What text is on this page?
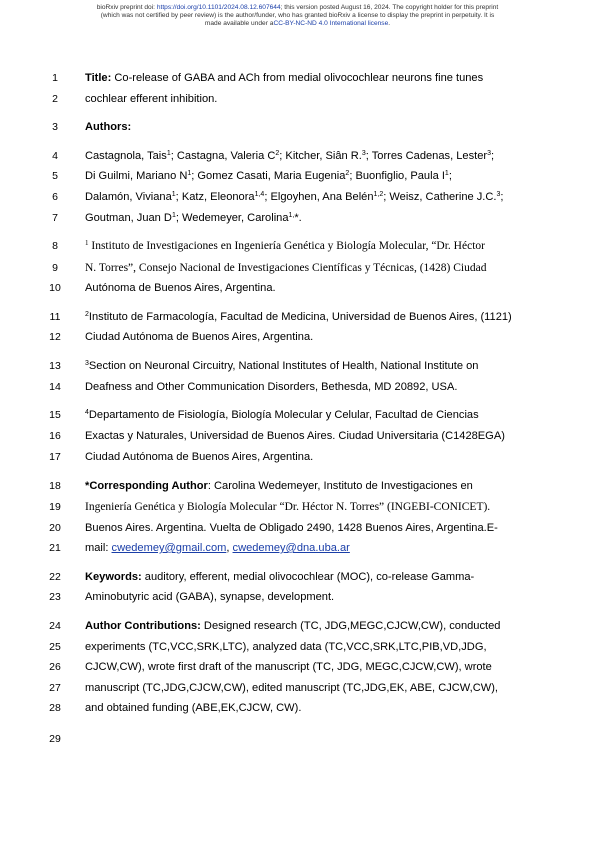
bioRxiv preprint doi: https://doi.org/10.1101/2024.08.12.607644; this version posted August 16, 2024. The copyright holder for this preprint
(which was not certified by peer review) is the author/funder, who has granted bioRxiv a license to display the preprint in perpetuity. It is
made available under aCC-BY-NC-ND 4.0 International license.
1	Title: Co-release of GABA and ACh from medial olivocochlear neurons fine tunes
2	cochlear efferent inhibition.
3	Authors:
4	Castagnola, Tais$^1$; Castagna, Valeria $C^2$; Kitcher, Siân R.$^3$; Torres Cadenas, Lester$^3$;
5	Di Guilmi, Mariano $N^1$; Gomez Casati, Maria Eugenia$^2$; Buonfiglio, Paula $I^1$;
6	Dalamón, Viviana$^1$; Katz, Eleonora$^{1,4}$; Elgoyhen, Ana Belén$^{1,2}$; Weisz, Catherine J.C.$^3$;
7	Goutman, Juan $D^1$; Wedemeyer, Carolina$^{1,}$*.
8	$^1$ Instituto de Investigaciones en Ingeniería Genética y Biología Molecular, “Dr. Héctor
9	N. Torres”, Consejo Nacional de Investigaciones Científicas y Técnicas, (1428) Ciudad
10	Autónoma de Buenos Aires, Argentina.
11	$^2$Instituto de Farmacología, Facultad de Medicina, Universidad de Buenos Aires, (1121)
12	Ciudad Autónoma de Buenos Aires, Argentina.
13	$^3$Section on Neuronal Circuitry, National Institutes of Health, National Institute on
14	Deafness and Other Communication Disorders, Bethesda, MD 20892, USA.
15	$^4$Departamento de Fisiología, Biología Molecular y Celular, Facultad de Ciencias
16	Exactas y Naturales, Universidad de Buenos Aires. Ciudad Universitaria (C1428EGA)
17	Ciudad Autónoma de Buenos Aires, Argentina.
18	*Corresponding Author: Carolina Wedemeyer, Instituto de Investigaciones en
19	Ingeniería Genética y Biología Molecular “Dr. Héctor N. Torres” (INGEBI-CONICET).
20	Buenos Aires. Argentina. Vuelta de Obligado 2490, 1428 Buenos Aires, Argentina.E-
21	mail: cwedemey@gmail.com, cwedemey@dna.uba.ar
22	Keywords: auditory, efferent, medial olivocochlear (MOC), co-release Gamma-
23	Aminobutyric acid (GABA), synapse, development.
24	Author Contributions: Designed research (TC, JDG,MEGC,CJCW,CW), conducted
25	experiments (TC,VCC,SRK,LTC), analyzed data (TC,VCC,SRK,LTC,PIB,VD,JDG,
26	CJCW,CW), wrote first draft of the manuscript (TC, JDG, MEGC,CJCW,CW), wrote
27	manuscript (TC,JDG,CJCW,CW), edited manuscript (TC,JDG,EK, ABE, CJCW,CW),
28	and obtained funding (ABE,EK,CJCW, CW).
29
